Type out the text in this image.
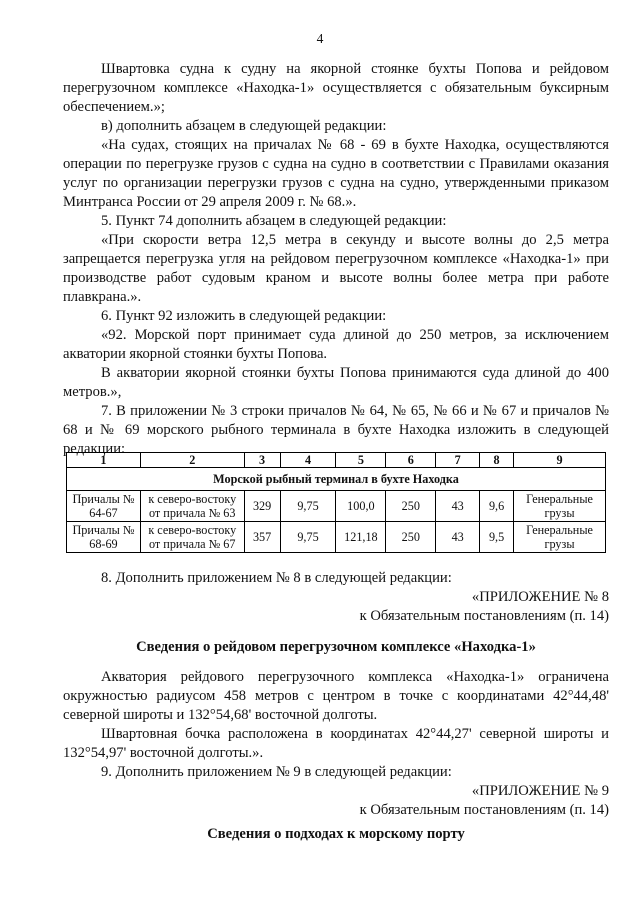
4

Швартовка судна к судну на якорной стоянке бухты Попова и рейдовом перегрузочном комплексе «Находка-1» осуществляется с обязательным буксирным обеспечением.»;

в) дополнить абзацем в следующей редакции:

«На судах, стоящих на причалах № 68 - 69 в бухте Находка, осуществляются операции по перегрузке грузов с судна на судно в соответствии с Правилами оказания услуг по организации перегрузки грузов с судна на судно, утвержденными приказом Минтранса России от 29 апреля 2009 г. № 68.».

5. Пункт 74 дополнить абзацем в следующей редакции:

«При скорости ветра 12,5 метра в секунду и высоте волны до 2,5 метра запрещается перегрузка угля на рейдовом перегрузочном комплексе «Находка-1» при производстве работ судовым краном и высоте волны более метра при работе плавкрана.».

6. Пункт 92 изложить в следующей редакции:

«92. Морской порт принимает суда длиной до 250 метров, за исключением акватории якорной стоянки бухты Попова.

В акватории якорной стоянки бухты Попова принимаются суда длиной до 400 метров.»,

7. В приложении № 3 строки причалов № 64, № 65, № 66 и № 67 и причалов № 68 и № 69 морского рыбного терминала в бухте Находка изложить в следующей редакции:

1	2	3	4	5	6	7	8	9
Морской рыбный терминал в бухте Находка								
Причалы № 64-67	к северо-востоку от причала № 63	329	9,75	100,0	250	43	9,6	Генеральные грузы
Причалы № 68-69	к северо-востоку от причала № 67	357	9,75	121,18	250	43	9,5	Генеральные грузы

8. Дополнить приложением № 8 в следующей редакции:

«ПРИЛОЖЕНИЕ № 8

к Обязательным постановлениям (п. 14)

Сведения о рейдовом перегрузочном комплексе «Находка-1»

Акватория рейдового перегрузочного комплекса «Находка-1» ограничена окружностью радиусом 458 метров с центром в точке с координатами 42°44,48' северной широты и 132°54,68' восточной долготы.

Швартовная бочка расположена в координатах 42°44,27' северной широты и 132°54,97' восточной долготы.».

9. Дополнить приложением № 9 в следующей редакции:

«ПРИЛОЖЕНИЕ № 9

к Обязательным постановлениям (п. 14)

Сведения о подходах к морскому порту
